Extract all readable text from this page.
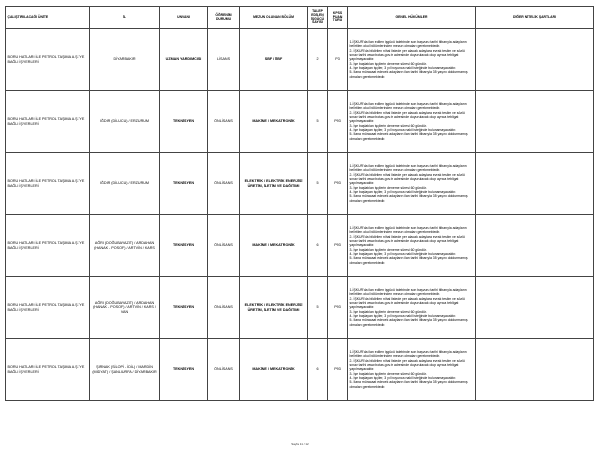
ÇALIŞTIRILACAĞI ÜNİTE	İL	UNVANI	ÖĞRENİM DURUMU	MEZUN OLUNAN BÖLÜM	TALEP EDİLEN İŞGÜCÜ SAYISI	KPSS PUAN TÜRÜ	GENEL HÜKÜMLER	DİĞER NİTELİK ŞARTLARI
BORU HATLARI İLE PETROL TAŞIMA A.Ş.'YE BAĞLI İŞYERLERİ	DİYARBAKIR	UZMAN YARDIMCISI	LİSANS	SBF / İİBF	2	P3	1-İŞKUR'da ilan edilen işgücü talebinde son başvuru tarihi itibarıyla adayların belirtilen okul bölümlerinden mezun olmaları gerekmektedir.
2- İŞKUR'da bildirilen nihai listede yer alacak adaylara evrak teslim ve sözlü sınav tarihi www.botas.gov.tr adresinde duyurulacak olup ayrıca tebligat yapılmayacaktır.
3- İşe başlatılan işçilerin deneme süresi 60 gündür.
4- İşe başlayan işçiler, 3 yıl boyunca nakil isteğinde bulunamayacaktır.
5- İlana müracaat edecek adayların ilan tarihi itibarıyla 35 yaşını doldurmamış olmaları gerekmektedir.	
BORU HATLARI İLE PETROL TAŞIMA A.Ş.'YE BAĞLI İŞYERLERİ	IĞDIR (DİLUCU) / ERZURUM	TEKNİSYEN	ÖNLİSANS	MAKİNE / MEKATRONİK	5	P93	1-İŞKUR'da ilan edilen işgücü talebinde son başvuru tarihi itibarıyla adayların belirtilen okul bölümlerinden mezun olmaları gerekmektedir.
2- İŞKUR'da bildirilen nihai listede yer alacak adaylara evrak teslim ve sözlü sınav tarihi www.botas.gov.tr adresinde duyurulacak olup ayrıca tebligat yapılmayacaktır.
3- İşe başlatılan işçilerin deneme süresi 60 gündür.
4- İşe başlayan işçiler, 3 yıl boyunca nakil isteğinde bulunamayacaktır.
5- İlana müracaat edecek adayların ilan tarihi itibarıyla 35 yaşını doldurmamış olmaları gerekmektedir.	
BORU HATLARI İLE PETROL TAŞIMA A.Ş.'YE BAĞLI İŞYERLERİ	IĞDIR (DİLUCU) / ERZURUM	TEKNİSYEN	ÖNLİSANS	ELEKTRİK / ELEKTRİK ENERJİSİ ÜRETİM, İLETİM VE DAĞITIMI	5	P93	1-İŞKUR'da ilan edilen işgücü talebinde son başvuru tarihi itibarıyla adayların belirtilen okul bölümlerinden mezun olmaları gerekmektedir.
2- İŞKUR'da bildirilen nihai listede yer alacak adaylara evrak teslim ve sözlü sınav tarihi www.botas.gov.tr adresinde duyurulacak olup ayrıca tebligat yapılmayacaktır.
3- İşe başlatılan işçilerin deneme süresi 60 gündür.
4- İşe başlayan işçiler, 3 yıl boyunca nakil isteğinde bulunamayacaktır.
5- İlana müracaat edecek adayların ilan tarihi itibarıyla 35 yaşını doldurmamış olmaları gerekmektedir.	
BORU HATLARI İLE PETROL TAŞIMA A.Ş.'YE BAĞLI İŞYERLERİ	AĞRI (DOĞUBAYAZIT) / ARDAHAN (HANAK - POSOF) / ARTVİN / KARS	TEKNİSYEN	ÖNLİSANS	MAKİNE / MEKATRONİK	6	P93	1-İŞKUR'da ilan edilen işgücü talebinde son başvuru tarihi itibarıyla adayların belirtilen okul bölümlerinden mezun olmaları gerekmektedir.
2- İŞKUR'da bildirilen nihai listede yer alacak adaylara evrak teslim ve sözlü sınav tarihi www.botas.gov.tr adresinde duyurulacak olup ayrıca tebligat yapılmayacaktır.
3- İşe başlatılan işçilerin deneme süresi 60 gündür.
4- İşe başlayan işçiler, 3 yıl boyunca nakil isteğinde bulunamayacaktır.
5- İlana müracaat edecek adayların ilan tarihi itibarıyla 35 yaşını doldurmamış olmaları gerekmektedir.	
BORU HATLARI İLE PETROL TAŞIMA A.Ş.'YE BAĞLI İŞYERLERİ	AĞRI (DOĞUBAYAZIT) / ARDAHAN (HANAK - POSOF) / ARTVİN / KARS / VAN	TEKNİSYEN	ÖNLİSANS	ELEKTRİK / ELEKTRİK ENERJİSİ ÜRETİM, İLETİM VE DAĞITIMI	5	P93	1-İŞKUR'da ilan edilen işgücü talebinde son başvuru tarihi itibarıyla adayların belirtilen okul bölümlerinden mezun olmaları gerekmektedir.
2- İŞKUR'da bildirilen nihai listede yer alacak adaylara evrak teslim ve sözlü sınav tarihi www.botas.gov.tr adresinde duyurulacak olup ayrıca tebligat yapılmayacaktır.
3- İşe başlatılan işçilerin deneme süresi 60 gündür.
4- İşe başlayan işçiler, 3 yıl boyunca nakil isteğinde bulunamayacaktır.
5- İlana müracaat edecek adayların ilan tarihi itibarıyla 35 yaşını doldurmamış olmaları gerekmektedir.	
BORU HATLARI İLE PETROL TAŞIMA A.Ş.'YE BAĞLI İŞYERLERİ	ŞIRNAK (SİLOPİ - İDİL) / MARDİN (MİDYAT) / ŞANLIURFA / DİYARBAKIR	TEKNİSYEN	ÖNLİSANS	MAKİNE / MEKATRONİK	6	P93	1-İŞKUR'da ilan edilen işgücü talebinde son başvuru tarihi itibarıyla adayların belirtilen okul bölümlerinden mezun olmaları gerekmektedir.
2- İŞKUR'da bildirilen nihai listede yer alacak adaylara evrak teslim ve sözlü sınav tarihi www.botas.gov.tr adresinde duyurulacak olup ayrıca tebligat yapılmayacaktır.
3- İşe başlatılan işçilerin deneme süresi 60 gündür.
4- İşe başlayan işçiler, 3 yıl boyunca nakil isteğinde bulunamayacaktır.
5- İlana müracaat edecek adayların ilan tarihi itibarıyla 35 yaşını doldurmamış olmaları gerekmektedir.	
Sayfa 11 / 12
